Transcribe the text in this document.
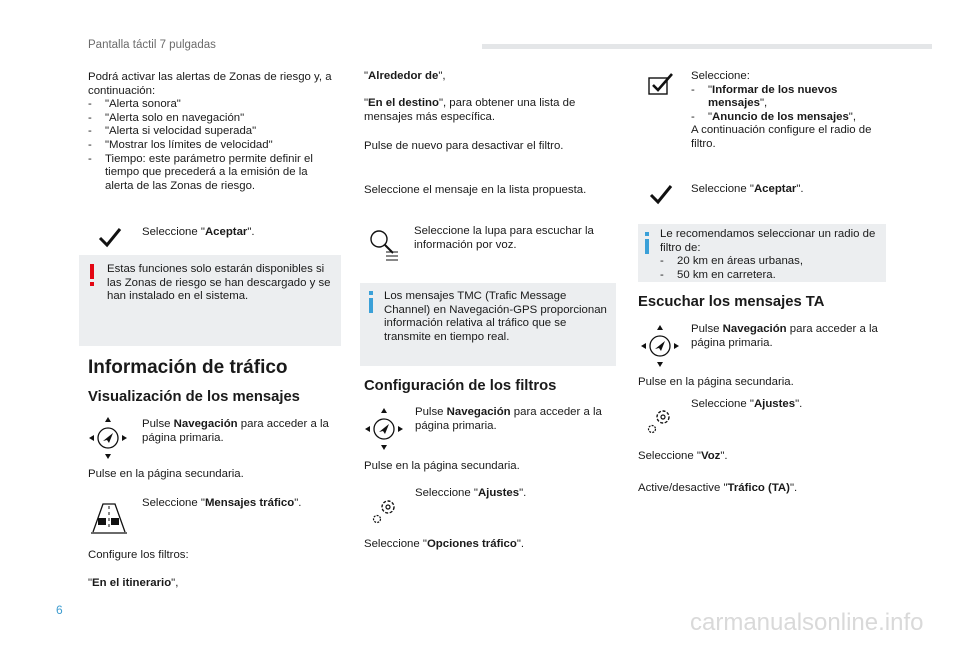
Pantalla táctil 7 pulgadas
Podrá activar las alertas de Zonas de riesgo y, a continuación:
-	"Alerta sonora"
-	"Alerta solo en navegación"
-	"Alerta si velocidad superada"
-	"Mostrar los límites de velocidad"
-	Tiempo: este parámetro permite definir el tiempo que precederá a la emisión de la alerta de las Zonas de riesgo.
Seleccione "Aceptar".
Estas funciones solo estarán disponibles si las Zonas de riesgo se han descargado y se han instalado en el sistema.
Información de tráfico
Visualización de los mensajes
Pulse Navegación para acceder a la página primaria.
Pulse en la página secundaria.
Seleccione "Mensajes tráfico".
Configure los filtros:
"En el itinerario",
"Alrededor de",
"En el destino", para obtener una lista de mensajes más específica.
Pulse de nuevo para desactivar el filtro.
Seleccione el mensaje en la lista propuesta.
Seleccione la lupa para escuchar la información por voz.
Los mensajes TMC (Trafic Message Channel) en Navegación-GPS proporcionan información relativa al tráfico que se transmite en tiempo real.
Configuración de los filtros
Pulse Navegación para acceder a la página primaria.
Pulse en la página secundaria.
Seleccione "Ajustes".
Seleccione "Opciones tráfico".
Seleccione:
-	"Informar de los nuevos mensajes",
-	"Anuncio de los mensajes",
A continuación configure el radio de filtro.
Seleccione "Aceptar".
Le recomendamos seleccionar un radio de filtro de:
-	20 km en áreas urbanas,
-	50 km en carretera.
Escuchar los mensajes TA
Pulse Navegación para acceder a la página primaria.
Pulse en la página secundaria.
Seleccione "Ajustes".
Seleccione "Voz".
Active/desactive "Tráfico (TA)".
6	carmanualsonline.info
